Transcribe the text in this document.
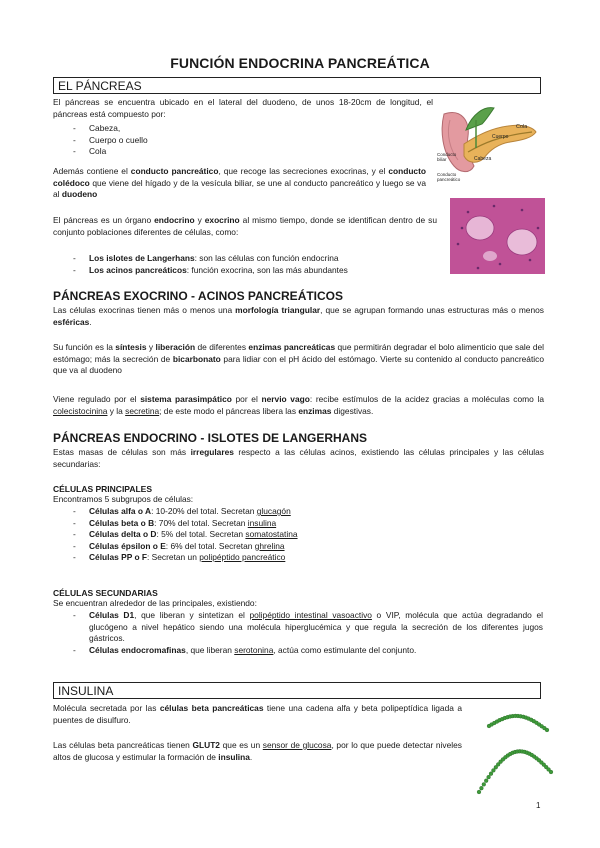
FUNCIÓN ENDOCRINA PANCREÁTICA
EL PÁNCREAS

El páncreas se encuentra ubicado en el lateral del duodeno, de unos 18-20cm de longitud, el páncreas está compuesto por:

- Cabeza,
- Cuerpo o cuello
- Cola

Además contiene el conducto pancreático, que recoge las secreciones exocrinas, y el conducto colédoco que viene del hígado y de la vesícula biliar, se une al conducto pancreático y luego se va al duodeno

El páncreas es un órgano endocrino y exocrino al mismo tiempo, donde se identifican dentro de su conjunto poblaciones diferentes de células, como:

- Los islotes de Langerhans: son las células con función endocrina
- Los acinos pancreáticos: función exocrina, son las más abundantes
Cola
Cuerpo
Cabeza
Conducto
biliar
Conducto
pancreático
PÁNCREAS EXOCRINO - ACINOS PANCREÁTICOS

Las células exocrinas tienen más o menos una morfología triangular, que se agrupan formando unas estructuras más o menos esféricas.

Su función es la síntesis y liberación de diferentes enzimas pancreáticas que permitirán degradar el bolo alimenticio que sale del estómago; más la secreción de bicarbonato para lidiar con el pH ácido del estómago. Vierte su contenido al conducto pancreático que va al duodeno

Viene regulado por el sistema parasimpático por el nervio vago: recibe estímulos de la acidez gracias a moléculas como la colecistocinina y la secretina; de este modo el páncreas libera las enzimas digestivas.

PÁNCREAS ENDOCRINO - ISLOTES DE LANGERHANS

Estas masas de células son más irregulares respecto a las células acinos, existiendo las células principales y las células secundarias:

CÉLULAS PRINCIPALES

Encontramos 5 subgrupos de células:

- Células alfa o A: 10-20% del total. Secretan glucagón
- Células beta o B: 70% del total. Secretan insulina
- Células delta o D: 5% del total. Secretan somatostatina
- Células épsilon o E: 6% del total. Secretan ghrelina
- Células PP o F: Secretan un polipéptido pancreático
CÉLULAS SECUNDARIAS

Se encuentran alrededor de las principales, existiendo:

- Células D1, que liberan y sintetizan el polipéptido intestinal vasoactivo o VIP, molécula que actúa degradando el glucógeno a nivel hepático siendo una molécula hiperglucémica y que regula la secreción de los diferentes jugos gástricos.
- Células endocromafinas, que liberan serotonina, actúa como estimulante del conjunto.
INSULINA

Molécula secretada por las células beta pancreáticas tiene una cadena alfa y beta polipeptídica ligada a puentes de disulfuro.

Las células beta pancreáticas tienen GLUT2 que es un sensor de glucosa, por lo que puede detectar niveles altos de glucosa y estimular la formación de insulina.

1
